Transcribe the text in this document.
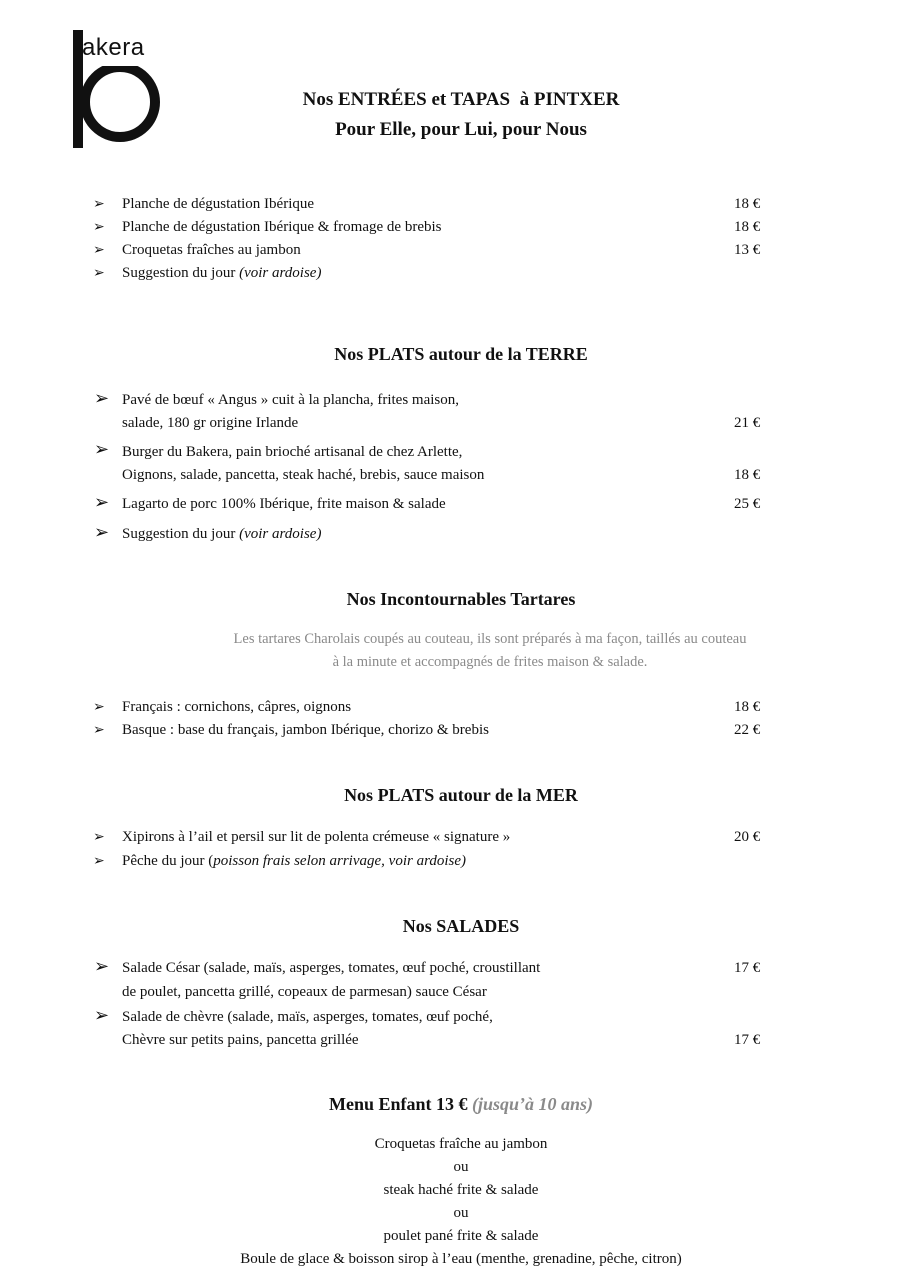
akera
Nos ENTRÉES et TAPAS  à PINTXER
Pour Elle, pour Lui, pour Nous
➢ Planche de dégustation Ibérique	18 €
➢ Planche de dégustation Ibérique & fromage de brebis	18 €
➢ Croquetas fraîches au jambon	13 €
➢ Suggestion du jour (voir ardoise)
Nos PLATS autour de la TERRE
➢ Pavé de bœuf « Angus » cuit à la plancha, frites maison,
salade, 180 gr origine Irlande	21 €
➢ Burger du Bakera, pain brioché artisanal de chez Arlette,
Oignons, salade, pancetta, steak haché, brebis, sauce maison	18 €
➢ Lagarto de porc 100% Ibérique, frite maison & salade	25 €
➢ Suggestion du jour (voir ardoise)
Nos Incontournables Tartares
Les tartares Charolais coupés au couteau, ils sont préparés à ma façon, taillés au couteau
à la minute et accompagnés de frites maison & salade.
➢ Français : cornichons, câpres, oignons	18 €
➢ Basque : base du français, jambon Ibérique, chorizo & brebis	22 €
Nos PLATS autour de la MER
➢ Xipirons à l’ail et persil sur lit de polenta crémeuse « signature »	20 €
➢ Pêche du jour (poisson frais selon arrivage, voir ardoise)
Nos SALADES
➢ Salade César (salade, maïs, asperges, tomates, œuf poché, croustillant	17 €
de poulet, pancetta grillé, copeaux de parmesan) sauce César
➢ Salade de chèvre (salade, maïs, asperges, tomates, œuf poché,
Chèvre sur petits pains, pancetta grillée	17 €
Menu Enfant 13 € (jusqu’à 10 ans)
Croquetas fraîche au jambon
ou
steak haché frite & salade
ou
poulet pané frite & salade
Boule de glace & boisson sirop à l’eau (menthe, grenadine, pêche, citron)
